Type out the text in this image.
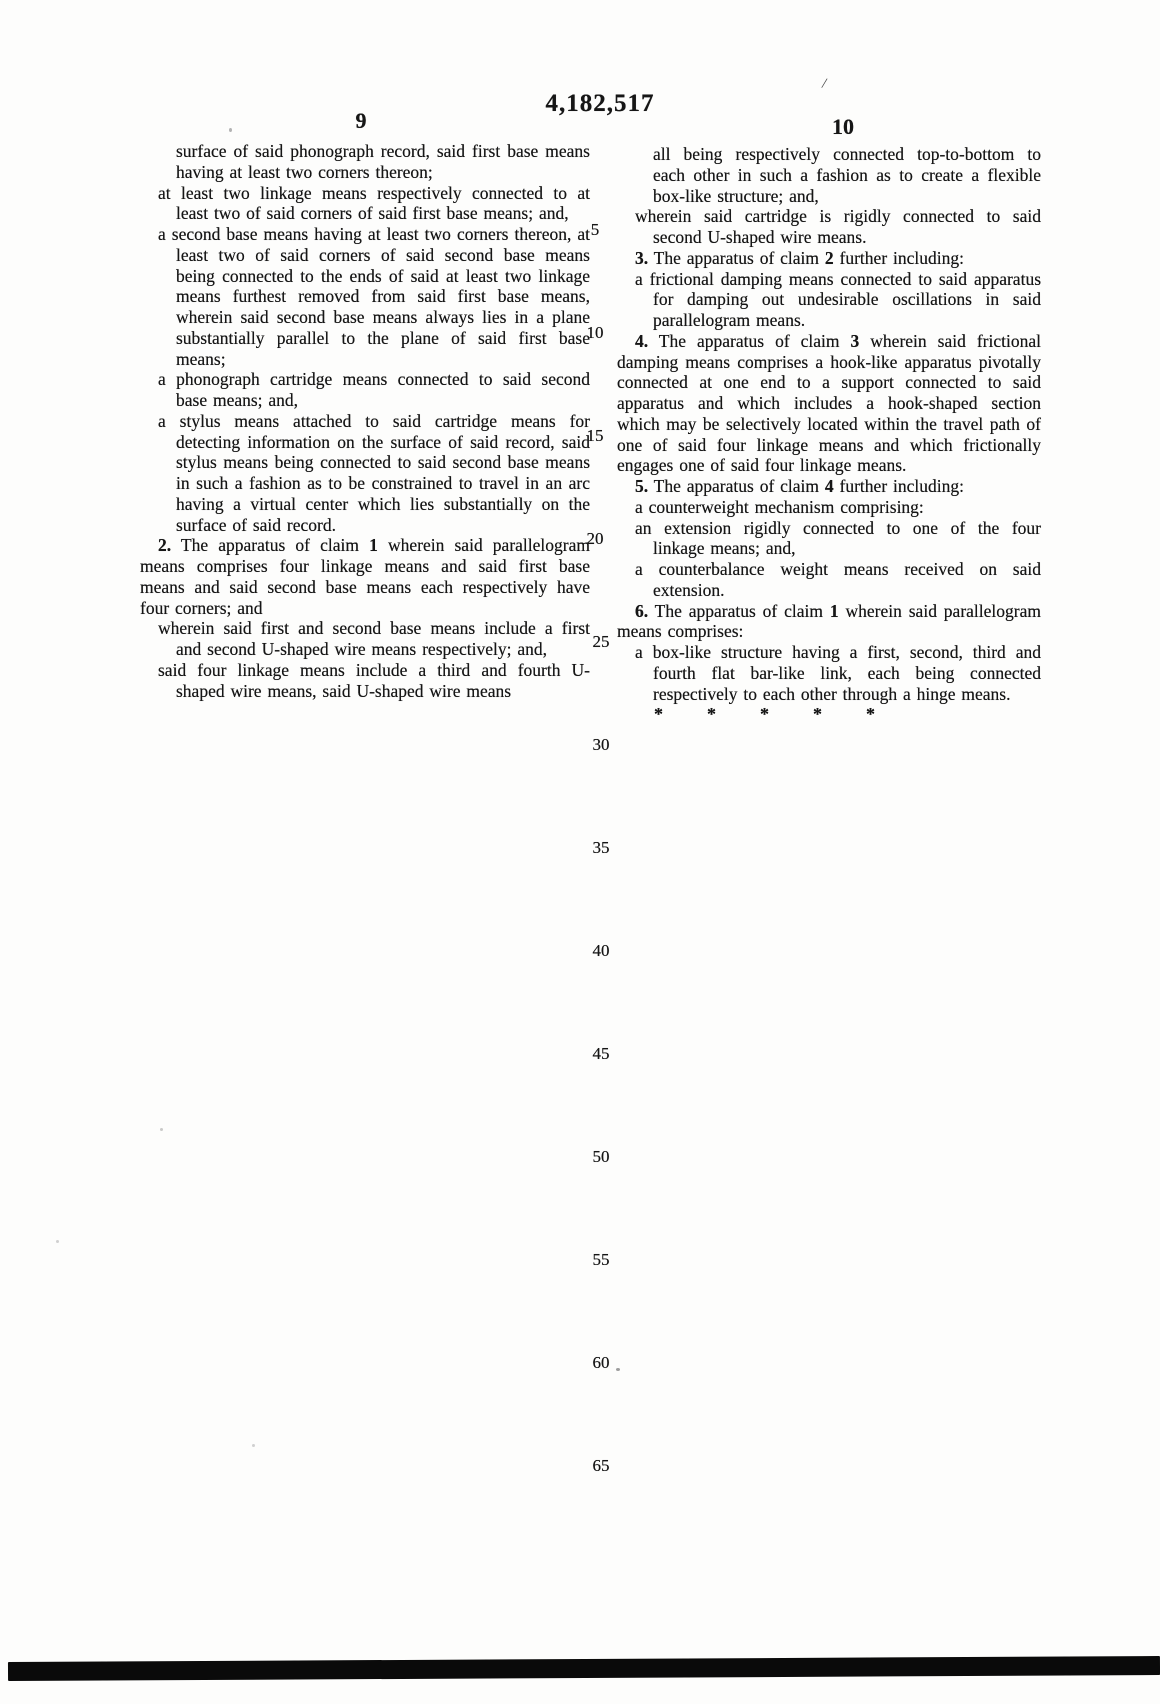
4,182,517
/
9	10

surface of said phonograph record, said first base means having at least two corners thereon;

at least two linkage means respectively connected to at least two of said corners of said first base means; and,

a second base means having at least two corners thereon, at least two of said corners of said second base means being connected to the ends of said at least two linkage means furthest removed from said first base means, wherein said second base means always lies in a plane substantially parallel to the plane of said first base means;

a phonograph cartridge means connected to said second base means; and,

a stylus means attached to said cartridge means for detecting information on the surface of said record, said stylus means being connected to said second base means in such a fashion as to be constrained to travel in an arc having a virtual center which lies substantially on the surface of said record.

2. The apparatus of claim 1 wherein said parallelogram means comprises four linkage means and said first base means and said second base means each respectively have four corners; and

wherein said first and second base means include a first and second U-shaped wire means respectively; and,

said four linkage means include a third and fourth U-shaped wire means, said U-shaped wire means

all being respectively connected top-to-bottom to each other in such a fashion as to create a flexible box-like structure; and,

wherein said cartridge is rigidly connected to said second U-shaped wire means.

3. The apparatus of claim 2 further including:

a frictional damping means connected to said apparatus for damping out undesirable oscillations in said parallelogram means.

4. The apparatus of claim 3 wherein said frictional damping means comprises a hook-like apparatus pivotally connected at one end to a support connected to said apparatus and which includes a hook-shaped section which may be selectively located within the travel path of one of said four linkage means and which frictionally engages one of said four linkage means.

5. The apparatus of claim 4 further including:

a counterweight mechanism comprising:

an extension rigidly connected to one of the four linkage means; and,

a counterbalance weight means received on said extension.

6. The apparatus of claim 1 wherein said parallelogram means comprises:

a box-like structure having a first, second, third and fourth flat bar-like link, each being connected respectively to each other through a hinge means.

* * * * *

5
10
15
20
25
30
35
40
45
50
55
60
65
